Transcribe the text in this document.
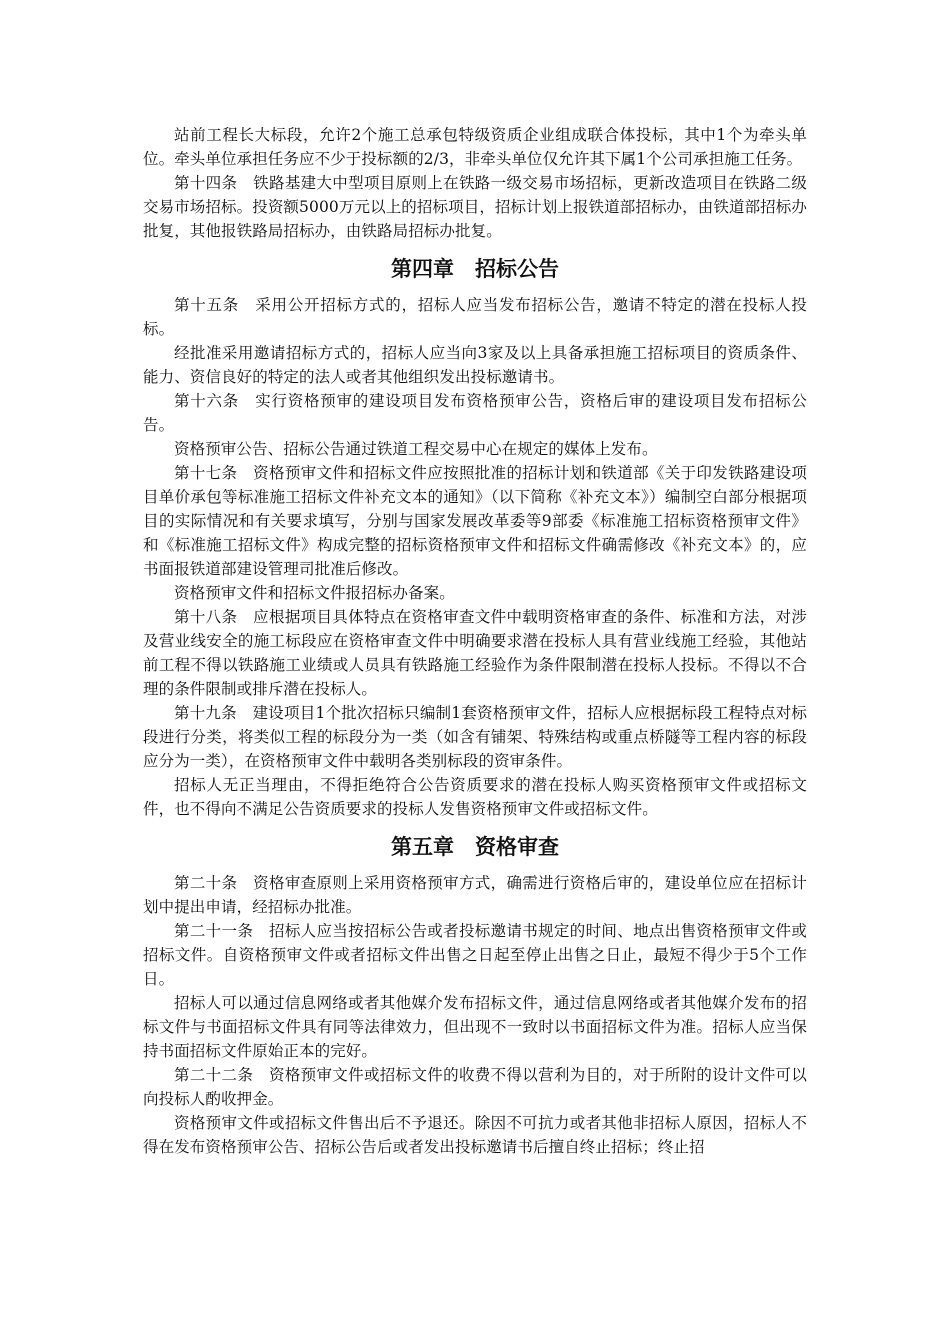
站前工程长大标段，允许2个施工总承包特级资质企业组成联合体投标，其中1个为牵头单位。牵头单位承担任务应不少于投标额的2/3，非牵头单位仅允许其下属1个公司承担施工任务。

第十四条　铁路基建大中型项目原则上在铁路一级交易市场招标，更新改造项目在铁路二级交易市场招标。投资额5000万元以上的招标项目，招标计划上报铁道部招标办，由铁道部招标办批复，其他报铁路局招标办，由铁路局招标办批复。

第四章　招标公告

第十五条　采用公开招标方式的，招标人应当发布招标公告，邀请不特定的潜在投标人投标。

经批准采用邀请招标方式的，招标人应当向3家及以上具备承担施工招标项目的资质条件、能力、资信良好的特定的法人或者其他组织发出投标邀请书。

第十六条　实行资格预审的建设项目发布资格预审公告，资格后审的建设项目发布招标公告。

资格预审公告、招标公告通过铁道工程交易中心在规定的媒体上发布。

第十七条　资格预审文件和招标文件应按照批准的招标计划和铁道部《关于印发铁路建设项目单价承包等标准施工招标文件补充文本的通知》（以下简称《补充文本》）编制空白部分根据项目的实际情况和有关要求填写，分别与国家发展改革委等9部委《标准施工招标资格预审文件》和《标准施工招标文件》构成完整的招标资格预审文件和招标文件确需修改《补充文本》的，应书面报铁道部建设管理司批准后修改。

资格预审文件和招标文件报招标办备案。

第十八条　应根据项目具体特点在资格审查文件中载明资格审查的条件、标准和方法，对涉及营业线安全的施工标段应在资格审查文件中明确要求潜在投标人具有营业线施工经验，其他站前工程不得以铁路施工业绩或人员具有铁路施工经验作为条件限制潜在投标人投标。不得以不合理的条件限制或排斥潜在投标人。

第十九条　建设项目1个批次招标只编制1套资格预审文件，招标人应根据标段工程特点对标段进行分类，将类似工程的标段分为一类（如含有铺架、特殊结构或重点桥隧等工程内容的标段应分为一类），在资格预审文件中载明各类别标段的资审条件。

招标人无正当理由，不得拒绝符合公告资质要求的潜在投标人购买资格预审文件或招标文件，也不得向不满足公告资质要求的投标人发售资格预审文件或招标文件。

第五章　资格审查

第二十条　资格审查原则上采用资格预审方式，确需进行资格后审的，建设单位应在招标计划中提出申请，经招标办批准。

第二十一条　招标人应当按招标公告或者投标邀请书规定的时间、地点出售资格预审文件或招标文件。自资格预审文件或者招标文件出售之日起至停止出售之日止，最短不得少于5个工作日。

招标人可以通过信息网络或者其他媒介发布招标文件，通过信息网络或者其他媒介发布的招标文件与书面招标文件具有同等法律效力，但出现不一致时以书面招标文件为准。招标人应当保持书面招标文件原始正本的完好。

第二十二条　资格预审文件或招标文件的收费不得以营利为目的，对于所附的设计文件可以向投标人酌收押金。

资格预审文件或招标文件售出后不予退还。除因不可抗力或者其他非招标人原因，招标人不得在发布资格预审公告、招标公告后或者发出投标邀请书后擅自终止招标；终止招
